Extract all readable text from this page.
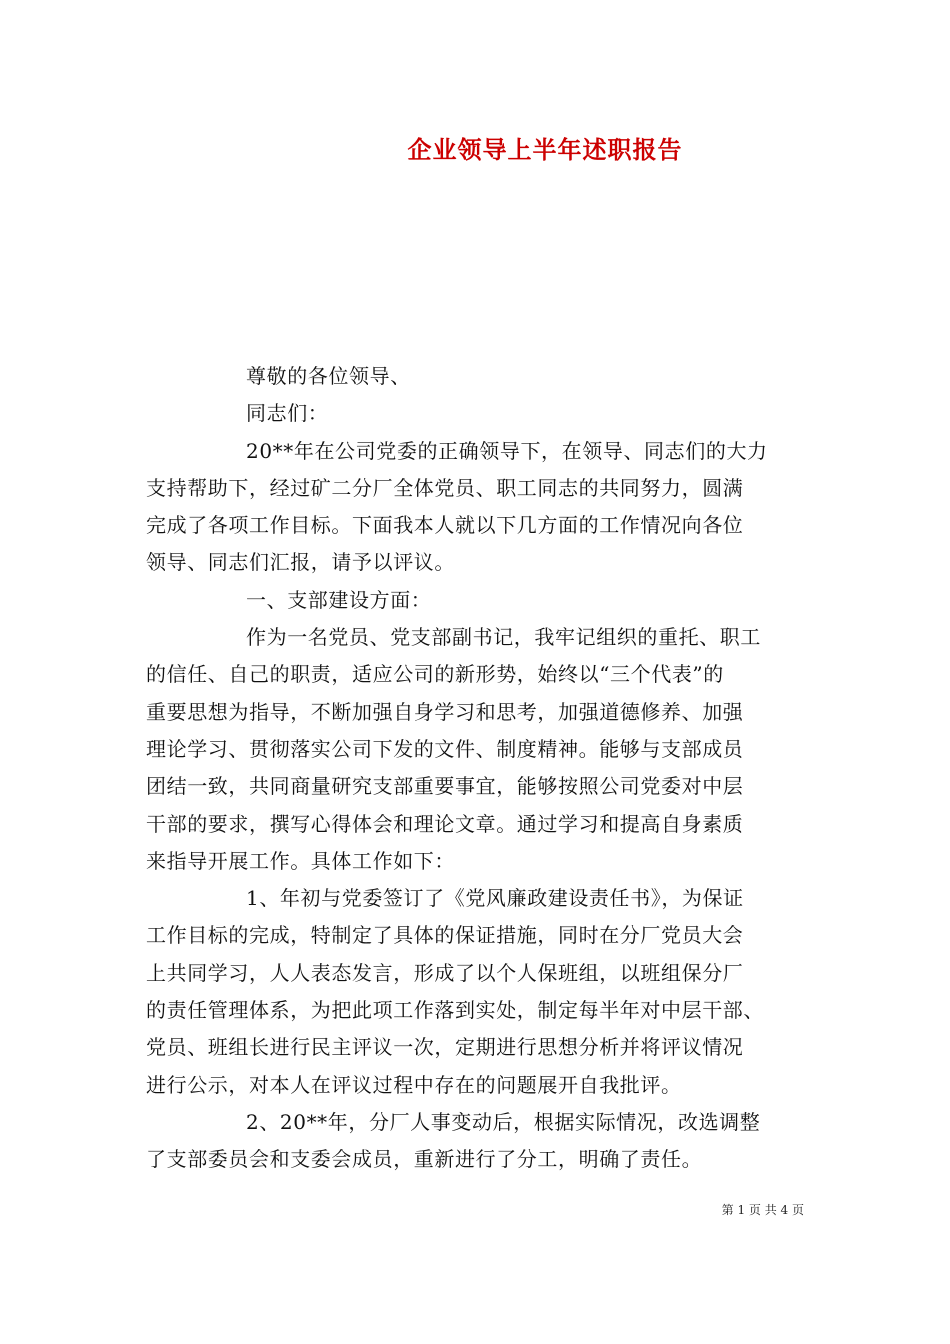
企业领导上半年述职报告
尊敬的各位领导、
同志们：
20**年在公司党委的正确领导下，在领导、同志们的大力
支持帮助下，经过矿二分厂全体党员、职工同志的共同努力，圆满
完成了各项工作目标。下面我本人就以下几方面的工作情况向各位
领导、同志们汇报，请予以评议。
一、支部建设方面：
作为一名党员、党支部副书记，我牢记组织的重托、职工
的信任、自己的职责，适应公司的新形势，始终以“三个代表”的
重要思想为指导，不断加强自身学习和思考，加强道德修养、加强
理论学习、贯彻落实公司下发的文件、制度精神。能够与支部成员
团结一致，共同商量研究支部重要事宜，能够按照公司党委对中层
干部的要求，撰写心得体会和理论文章。通过学习和提高自身素质
来指导开展工作。具体工作如下：
1、年初与党委签订了《党风廉政建设责任书》，为保证
工作目标的完成，特制定了具体的保证措施，同时在分厂党员大会
上共同学习，人人表态发言，形成了以个人保班组，以班组保分厂
的责任管理体系，为把此项工作落到实处，制定每半年对中层干部、
党员、班组长进行民主评议一次，定期进行思想分析并将评议情况
进行公示，对本人在评议过程中存在的问题展开自我批评。
2、20**年，分厂人事变动后，根据实际情况，改选调整
了支部委员会和支委会成员，重新进行了分工，明确了责任。
第 1 页 共 4 页
